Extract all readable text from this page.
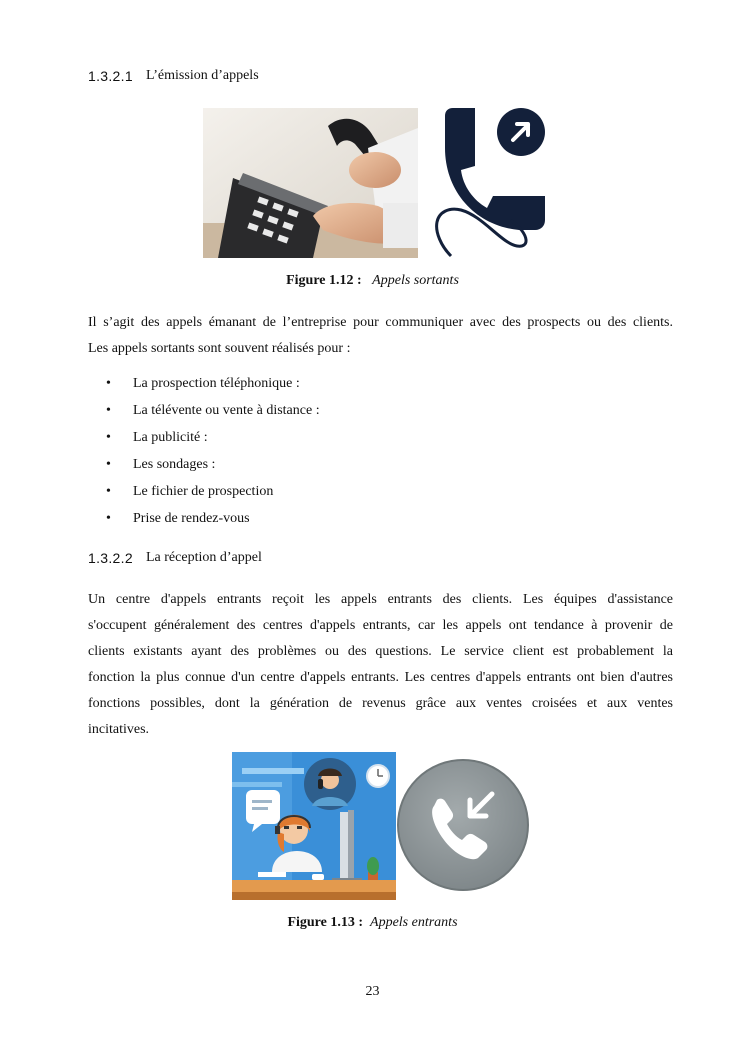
1.3.2.1 L’émission d’appels
Figure 1.12 : Appels sortants
Il s’agit des appels émanant de l’entreprise pour communiquer avec des prospects ou des clients.
Les appels sortants sont souvent réalisés pour :
• La prospection téléphonique :
• La télévente ou vente à distance :
• La publicité :
• Les sondages :
• Le fichier de prospection
• Prise de rendez-vous
1.3.2.2 La réception d’appel
Un centre d'appels entrants reçoit les appels entrants des clients. Les équipes d'assistance
s'occupent généralement des centres d'appels entrants, car les appels ont tendance à provenir de
clients existants ayant des problèmes ou des questions. Le service client est probablement la
fonction la plus connue d'un centre d'appels entrants. Les centres d'appels entrants ont bien d'autres
fonctions possibles, dont la génération de revenus grâce aux ventes croisées et aux ventes
incitatives.
Figure 1.13 : Appels entrants
23
